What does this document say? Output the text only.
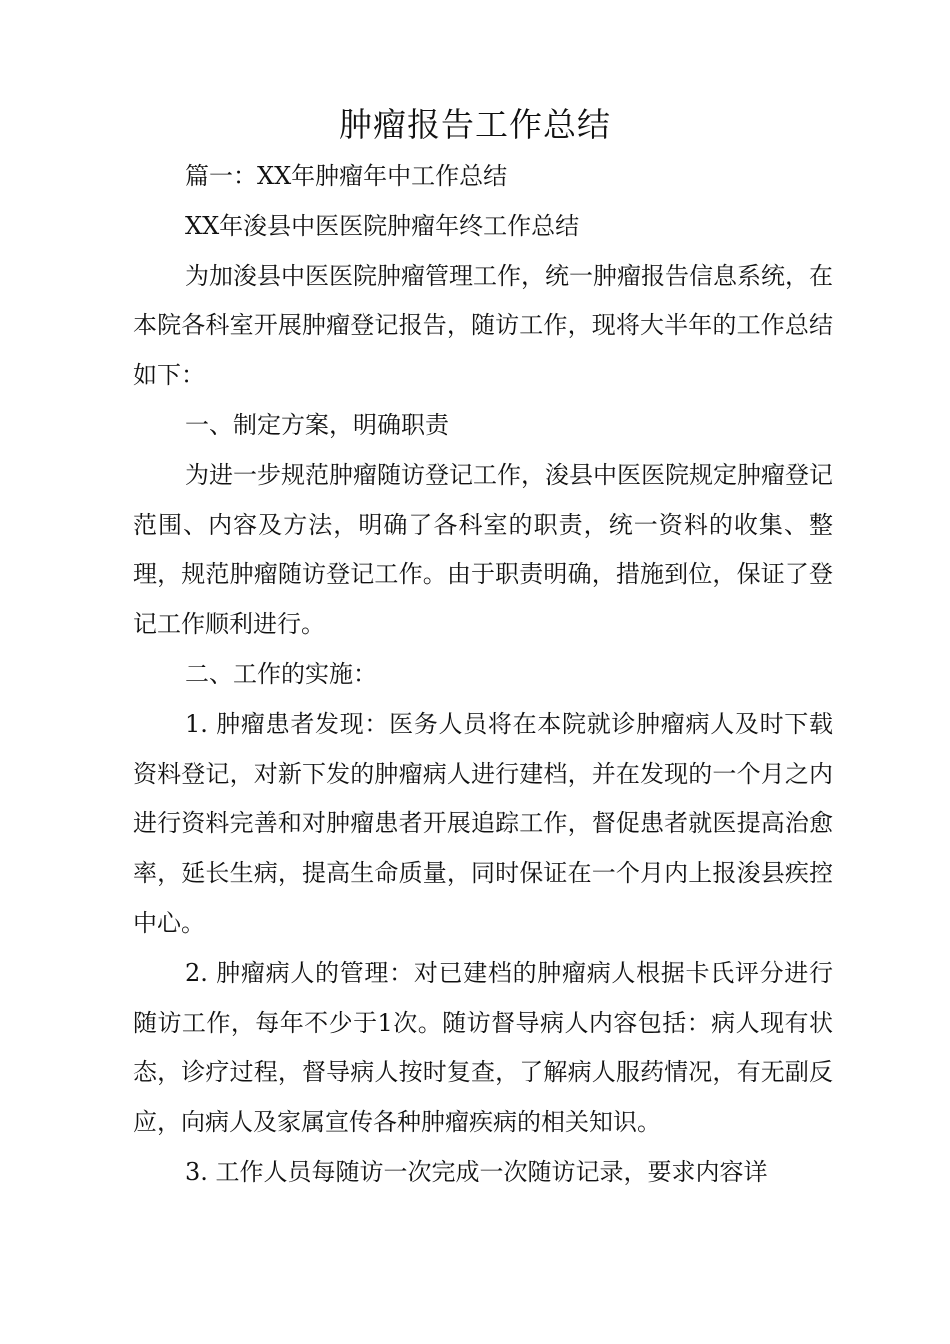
肿瘤报告工作总结

篇一：XX年肿瘤年中工作总结

XX年浚县中医医院肿瘤年终工作总结

为加浚县中医医院肿瘤管理工作，统一肿瘤报告信息系统，在本院各科室开展肿瘤登记报告，随访工作，现将大半年的工作总结如下：

一、制定方案，明确职责

为进一步规范肿瘤随访登记工作，浚县中医医院规定肿瘤登记范围、内容及方法，明确了各科室的职责，统一资料的收集、整理，规范肿瘤随访登记工作。由于职责明确，措施到位，保证了登记工作顺利进行。

二、工作的实施：

1. 肿瘤患者发现：医务人员将在本院就诊肿瘤病人及时下载资料登记，对新下发的肿瘤病人进行建档，并在发现的一个月之内进行资料完善和对肿瘤患者开展追踪工作，督促患者就医提高治愈率，延长生病，提高生命质量，同时保证在一个月内上报浚县疾控中心。

2. 肿瘤病人的管理：对已建档的肿瘤病人根据卡氏评分进行随访工作，每年不少于1次。随访督导病人内容包括：病人现有状态，诊疗过程，督导病人按时复查，了解病人服药情况，有无副反应，向病人及家属宣传各种肿瘤疾病的相关知识。

3. 工作人员每随访一次完成一次随访记录，要求内容详
